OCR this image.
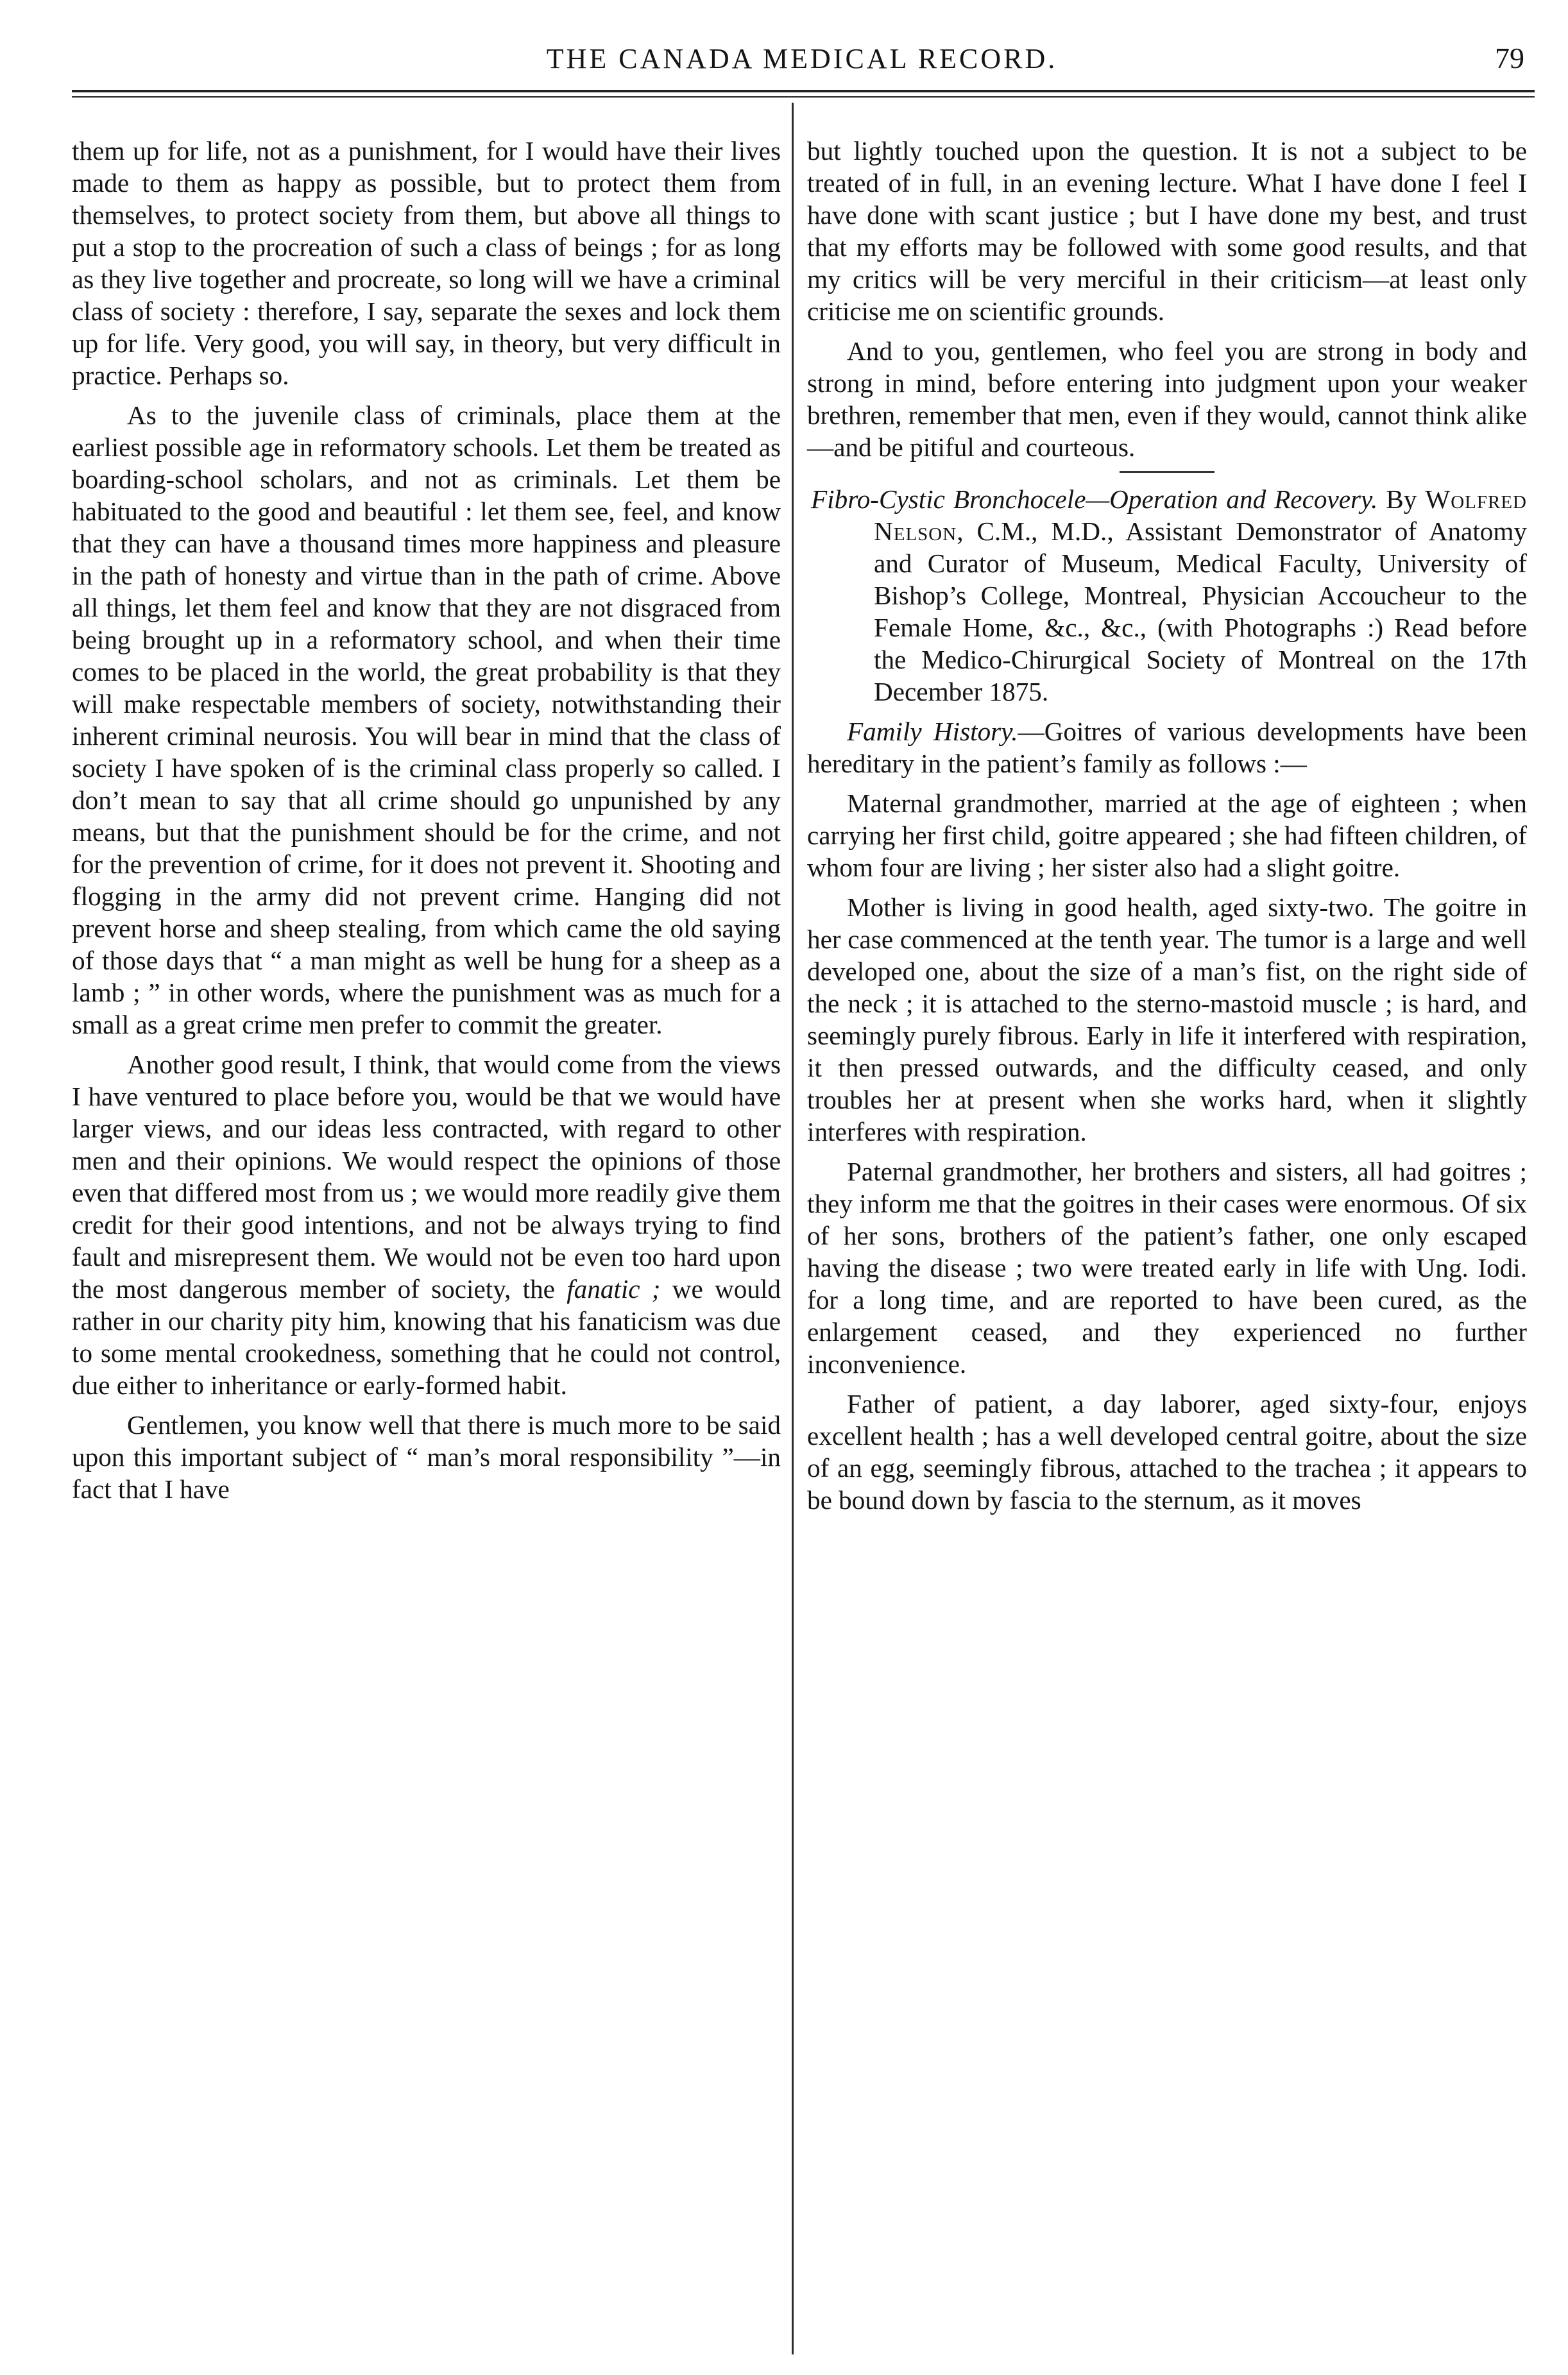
THE CANADA MEDICAL RECORD.	79

them up for life, not as a punishment, for I would have their lives made to them as happy as possible, but to protect them from themselves, to protect society from them, but above all things to put a stop to the procreation of such a class of beings ; for as long as they live together and procreate, so long will we have a criminal class of society : therefore, I say, separate the sexes and lock them up for life. Very good, you will say, in theory, but very difficult in practice. Perhaps so.

As to the juvenile class of criminals, place them at the earliest possible age in reformatory schools. Let them be treated as boarding-school scholars, and not as criminals. Let them be habituated to the good and beautiful : let them see, feel, and know that they can have a thousand times more happiness and pleasure in the path of honesty and virtue than in the path of crime. Above all things, let them feel and know that they are not disgraced from being brought up in a reformatory school, and when their time comes to be placed in the world, the great probability is that they will make respectable members of society, notwithstanding their inherent criminal neurosis. You will bear in mind that the class of society I have spoken of is the criminal class properly so called. I don’t mean to say that all crime should go unpunished by any means, but that the punishment should be for the crime, and not for the prevention of crime, for it does not prevent it. Shooting and flogging in the army did not prevent crime. Hanging did not prevent horse and sheep stealing, from which came the old saying of those days that “ a man might as well be hung for a sheep as a lamb ; ” in other words, where the punishment was as much for a small as a great crime men prefer to commit the greater.

Another good result, I think, that would come from the views I have ventured to place before you, would be that we would have larger views, and our ideas less contracted, with regard to other men and their opinions. We would respect the opinions of those even that differed most from us ; we would more readily give them credit for their good intentions, and not be always trying to find fault and misrepresent them. We would not be even too hard upon the most dangerous member of society, the fanatic ; we would rather in our charity pity him, knowing that his fanaticism was due to some mental crookedness, something that he could not control, due either to inheritance or early-formed habit.

Gentlemen, you know well that there is much more to be said upon this important subject of “ man’s moral responsibility ”—in fact that I have

but lightly touched upon the question. It is not a subject to be treated of in full, in an evening lecture. What I have done I feel I have done with scant justice ; but I have done my best, and trust that my efforts may be followed with some good results, and that my critics will be very merciful in their criticism—at least only criticise me on scientific grounds.

And to you, gentlemen, who feel you are strong in body and strong in mind, before entering into judgment upon your weaker brethren, remember that men, even if they would, cannot think alike—and be pitiful and courteous.

Fibro-Cystic Bronchocele—Operation and Recovery. By Wolfred Nelson, C.M., M.D., Assistant Demonstrator of Anatomy and Curator of Museum, Medical Faculty, University of Bishop’s College, Montreal, Physician Accoucheur to the Female Home, &c., &c., (with Photographs :) Read before the Medico-Chirurgical Society of Montreal on the 17th December 1875.

Family History.—Goitres of various developments have been hereditary in the patient’s family as follows :—

Maternal grandmother, married at the age of eighteen ; when carrying her first child, goitre appeared ; she had fifteen children, of whom four are living ; her sister also had a slight goitre.

Mother is living in good health, aged sixty-two. The goitre in her case commenced at the tenth year. The tumor is a large and well developed one, about the size of a man’s fist, on the right side of the neck ; it is attached to the sterno-mastoid muscle ; is hard, and seemingly purely fibrous. Early in life it interfered with respiration, it then pressed outwards, and the difficulty ceased, and only troubles her at present when she works hard, when it slightly interferes with respiration.

Paternal grandmother, her brothers and sisters, all had goitres ; they inform me that the goitres in their cases were enormous. Of six of her sons, brothers of the patient’s father, one only escaped having the disease ; two were treated early in life with Ung. Iodi. for a long time, and are reported to have been cured, as the enlargement ceased, and they experienced no further inconvenience.

Father of patient, a day laborer, aged sixty-four, enjoys excellent health ; has a well developed central goitre, about the size of an egg, seemingly fibrous, attached to the trachea ; it appears to be bound down by fascia to the sternum, as it moves
